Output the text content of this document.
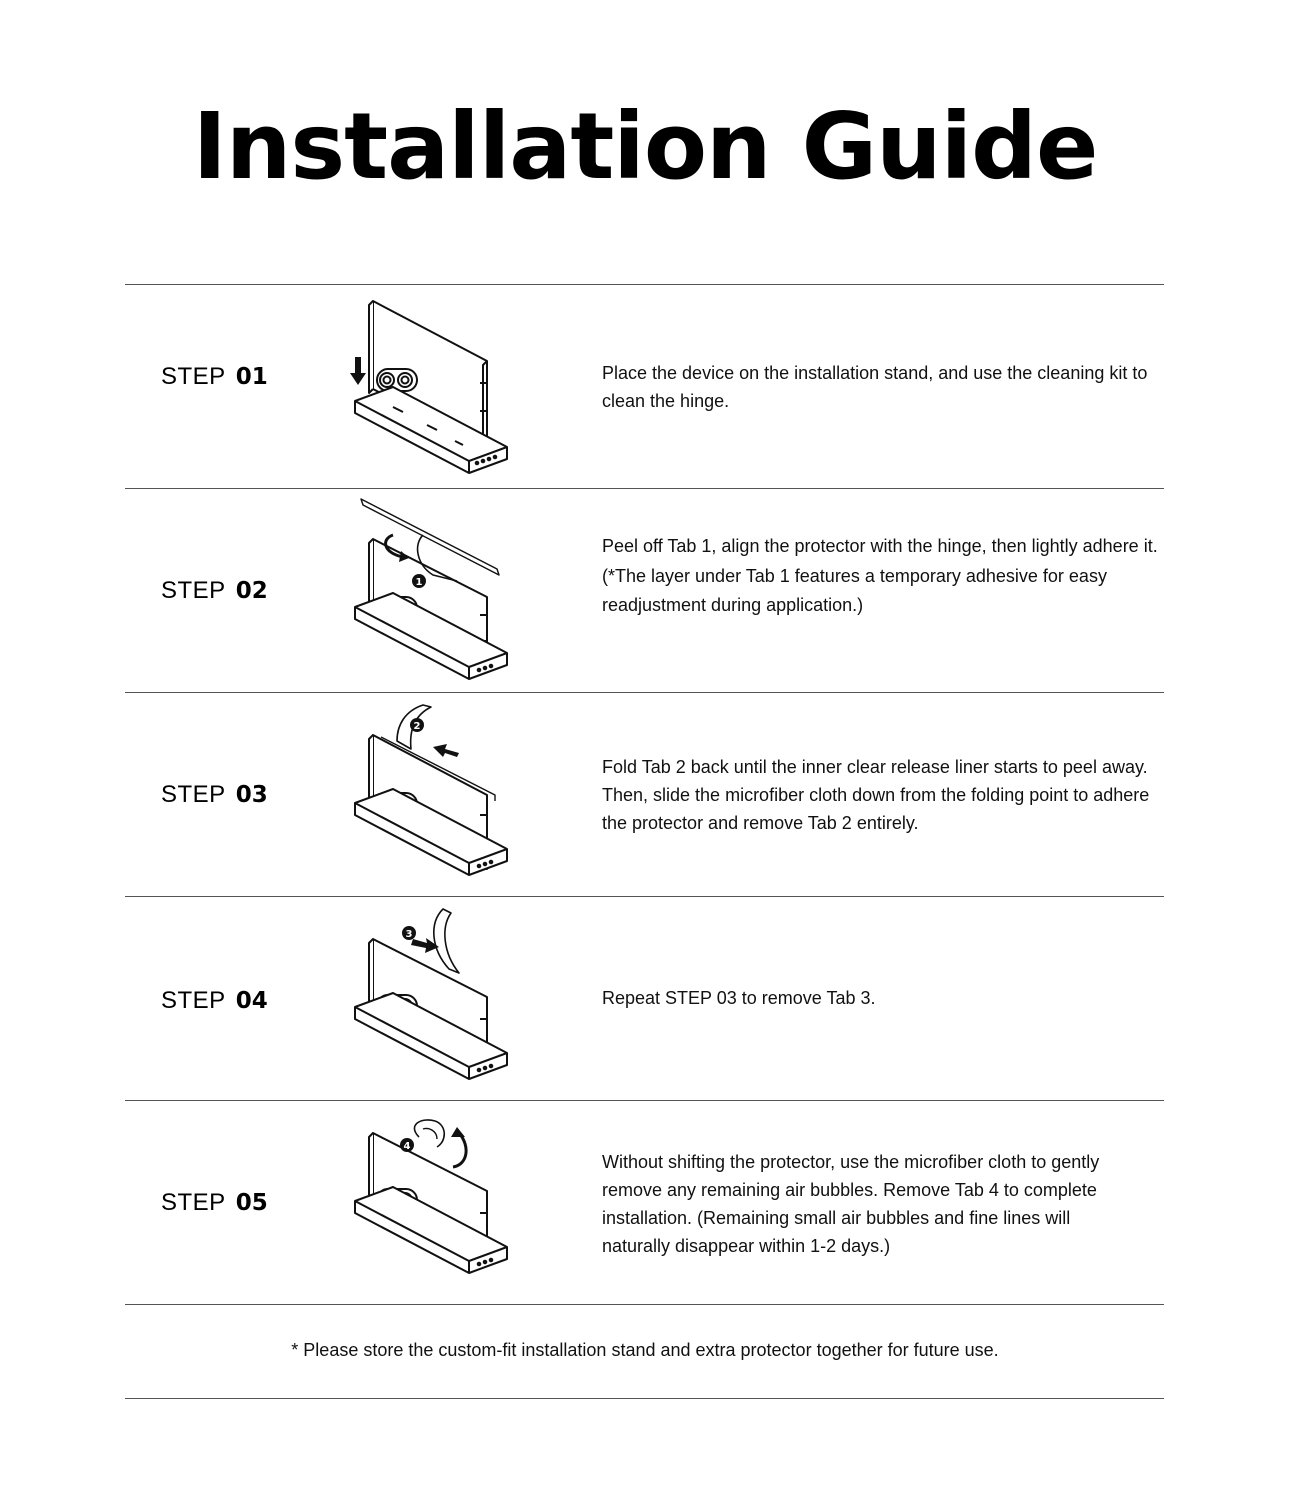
Installation Guide
STEP 01	Place the device on the installation stand, and use the cleaning kit to clean the hinge.
STEP 02	1
Peel off Tab 1, align the protector with the hinge, then lightly adhere it. (*The layer under Tab 1 features a temporary adhesive for easy readjustment during application.)
STEP 03
2
Fold Tab 2 back until the inner clear release liner starts to peel away. Then, slide the microfiber cloth down from the folding point to adhere the protector and remove Tab 2 entirely.
STEP 04
3
Repeat STEP 03 to remove Tab 3.
STEP 05
4
Without shifting the protector, use the microfiber cloth to gently remove any remaining air bubbles. Remove Tab 4 to complete installation. (Remaining small air bubbles and fine lines will naturally disappear within 1-2 days.)
* Please store the custom-fit installation stand and extra protector together for future use.
